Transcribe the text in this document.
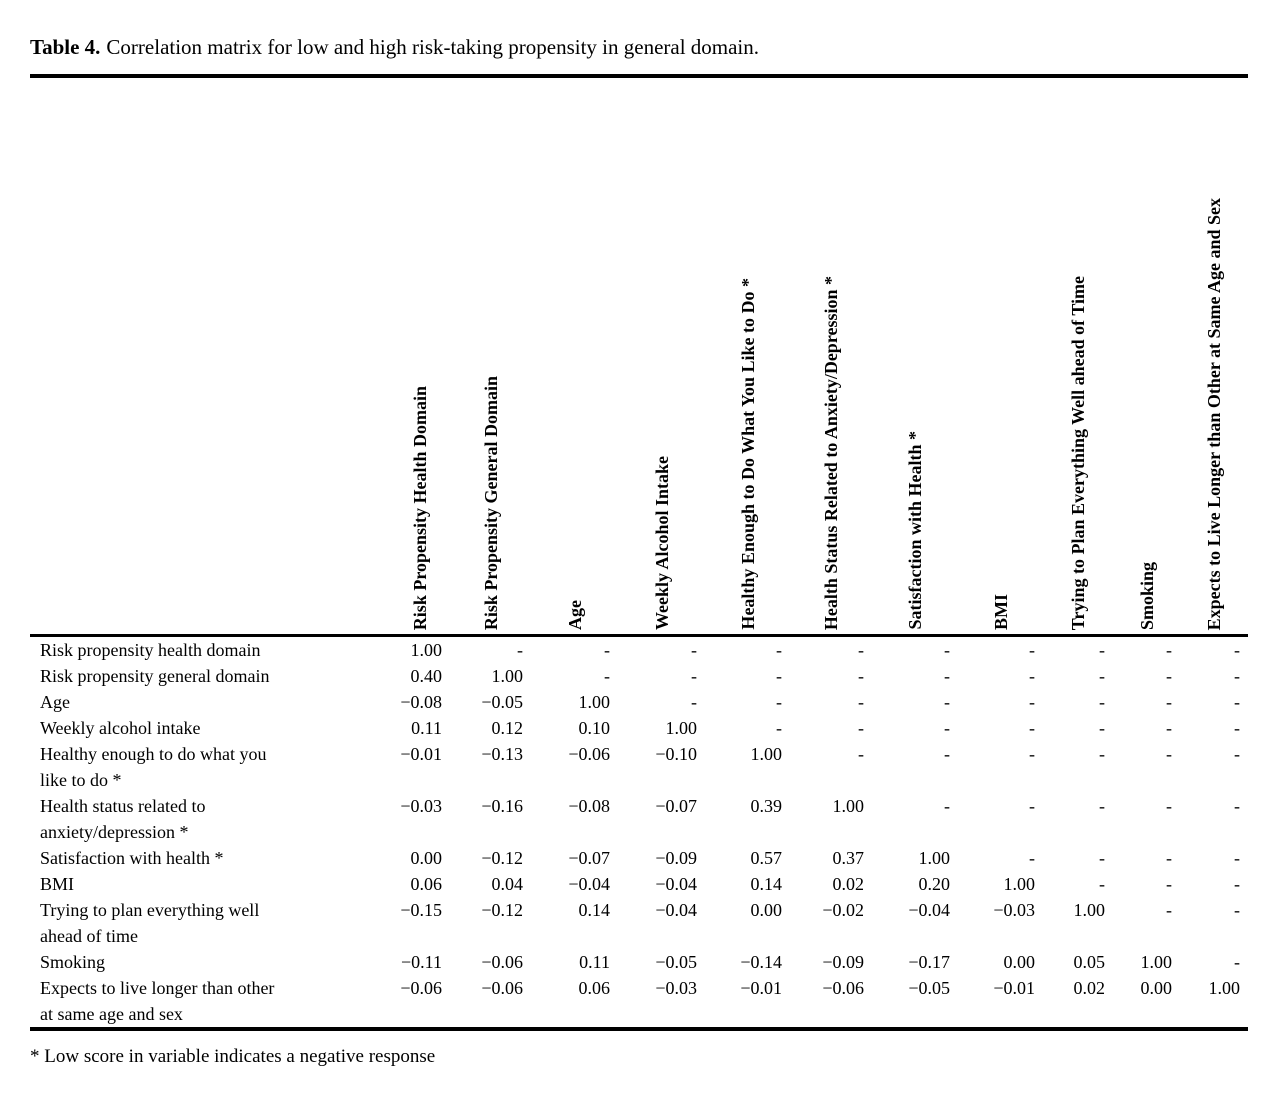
Table 4. Correlation matrix for low and high risk-taking propensity in general domain.

	Risk Propensity Health Domain	Risk Propensity General Domain	Age	Weekly Alcohol Intake	Healthy Enough to Do What You Like to Do *	Health Status Related to Anxiety/Depression *	Satisfaction with Health *	BMI	Trying to Plan Everything Well ahead of Time	Smoking	Expects to Live Longer than Other at Same Age and Sex

Risk propensity health domain	1.00	-	-	-	-	-	-	-	-	-	-
Risk propensity general domain	0.40	1.00	-	-	-	-	-	-	-	-	-
Age	−0.08	−0.05	1.00	-	-	-	-	-	-	-	-
Weekly alcohol intake	0.11	0.12	0.10	1.00	-	-	-	-	-	-	-
Healthy enough to do what you
like to do *	−0.01	−0.13	−0.06	−0.10	1.00	-	-	-	-	-	-
Health status related to
anxiety/depression *	−0.03	−0.16	−0.08	−0.07	0.39	1.00	-	-	-	-	-
Satisfaction with health *	0.00	−0.12	−0.07	−0.09	0.57	0.37	1.00	-	-	-	-
BMI	0.06	0.04	−0.04	−0.04	0.14	0.02	0.20	1.00	-	-	-
Trying to plan everything well
ahead of time	−0.15	−0.12	0.14	−0.04	0.00	−0.02	−0.04	−0.03	1.00	-	-
Smoking	−0.11	−0.06	0.11	−0.05	−0.14	−0.09	−0.17	0.00	0.05	1.00	-
Expects to live longer than other
at same age and sex	−0.06	−0.06	0.06	−0.03	−0.01	−0.06	−0.05	−0.01	0.02	0.00	1.00

* Low score in variable indicates a negative response
